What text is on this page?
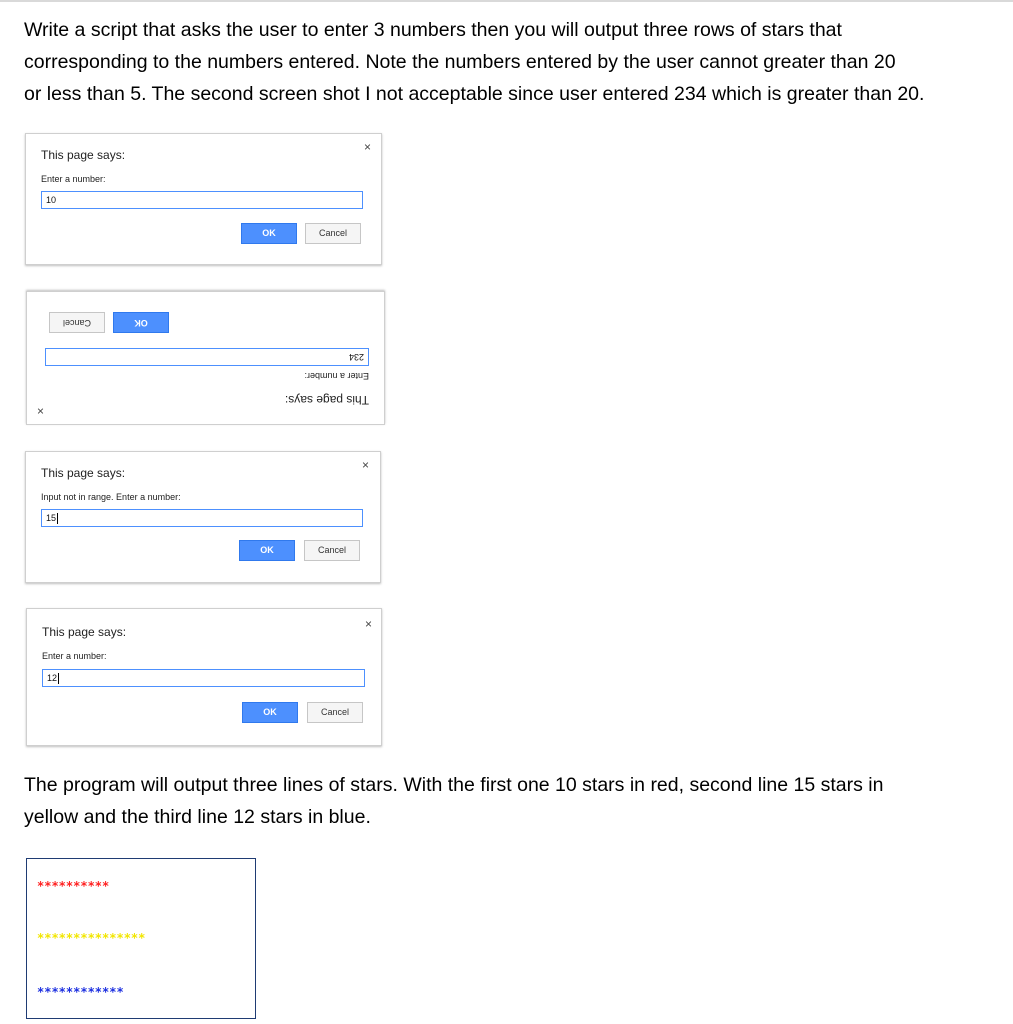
Write a script that asks the user to enter 3 numbers then you will output three rows of stars that

corresponding to the numbers entered. Note the numbers entered by the user cannot greater than 20

or less than 5. The second screen shot I not acceptable since user entered 234 which is greater than 20.

×
This page says:
Enter a number:
10
OK	Cancel
×
This page says:
Enter a number:
234
OK
Cancel
×
This page says:
Input not in range. Enter a number:
15
OK	Cancel
×
This page says:
Enter a number:
12
OK	Cancel

The program will output three lines of stars. With the first one 10 stars in red, second line 15 stars in

yellow and the third line 12 stars in blue.

**********
***************
************
